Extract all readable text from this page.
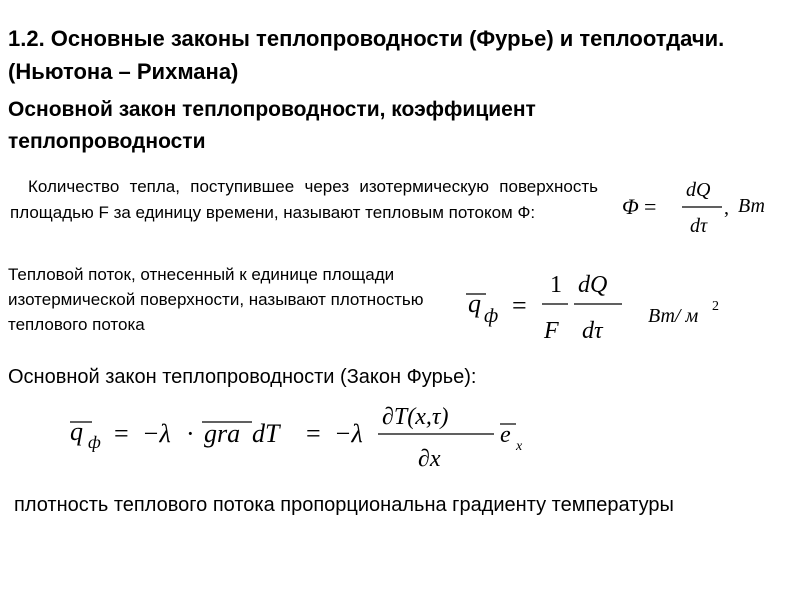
1.2. Основные законы теплопроводности (Фурье) и теплоотдачи.(Ньютона – Рихмана)
Основной закон теплопроводности, коэффициент теплопроводности
Количество тепла, поступившее через изотермическую поверхность площадью F за единицу времени, называют тепловым потоком Ф:	Φ =
dQ
dτ
, Вт
Тепловой поток, отнесенный к единице площади изотермической поверхности, называют плотностью теплового потока
q ф =
1
F
dQ
dτ
Вт/ м 2
Основной закон теплопроводности (Закон Фурье):
q ф = −λ · gra dT = −λ
∂T(x,τ)
∂x
e x
плотность теплового потока пропорциональна градиенту температуры
